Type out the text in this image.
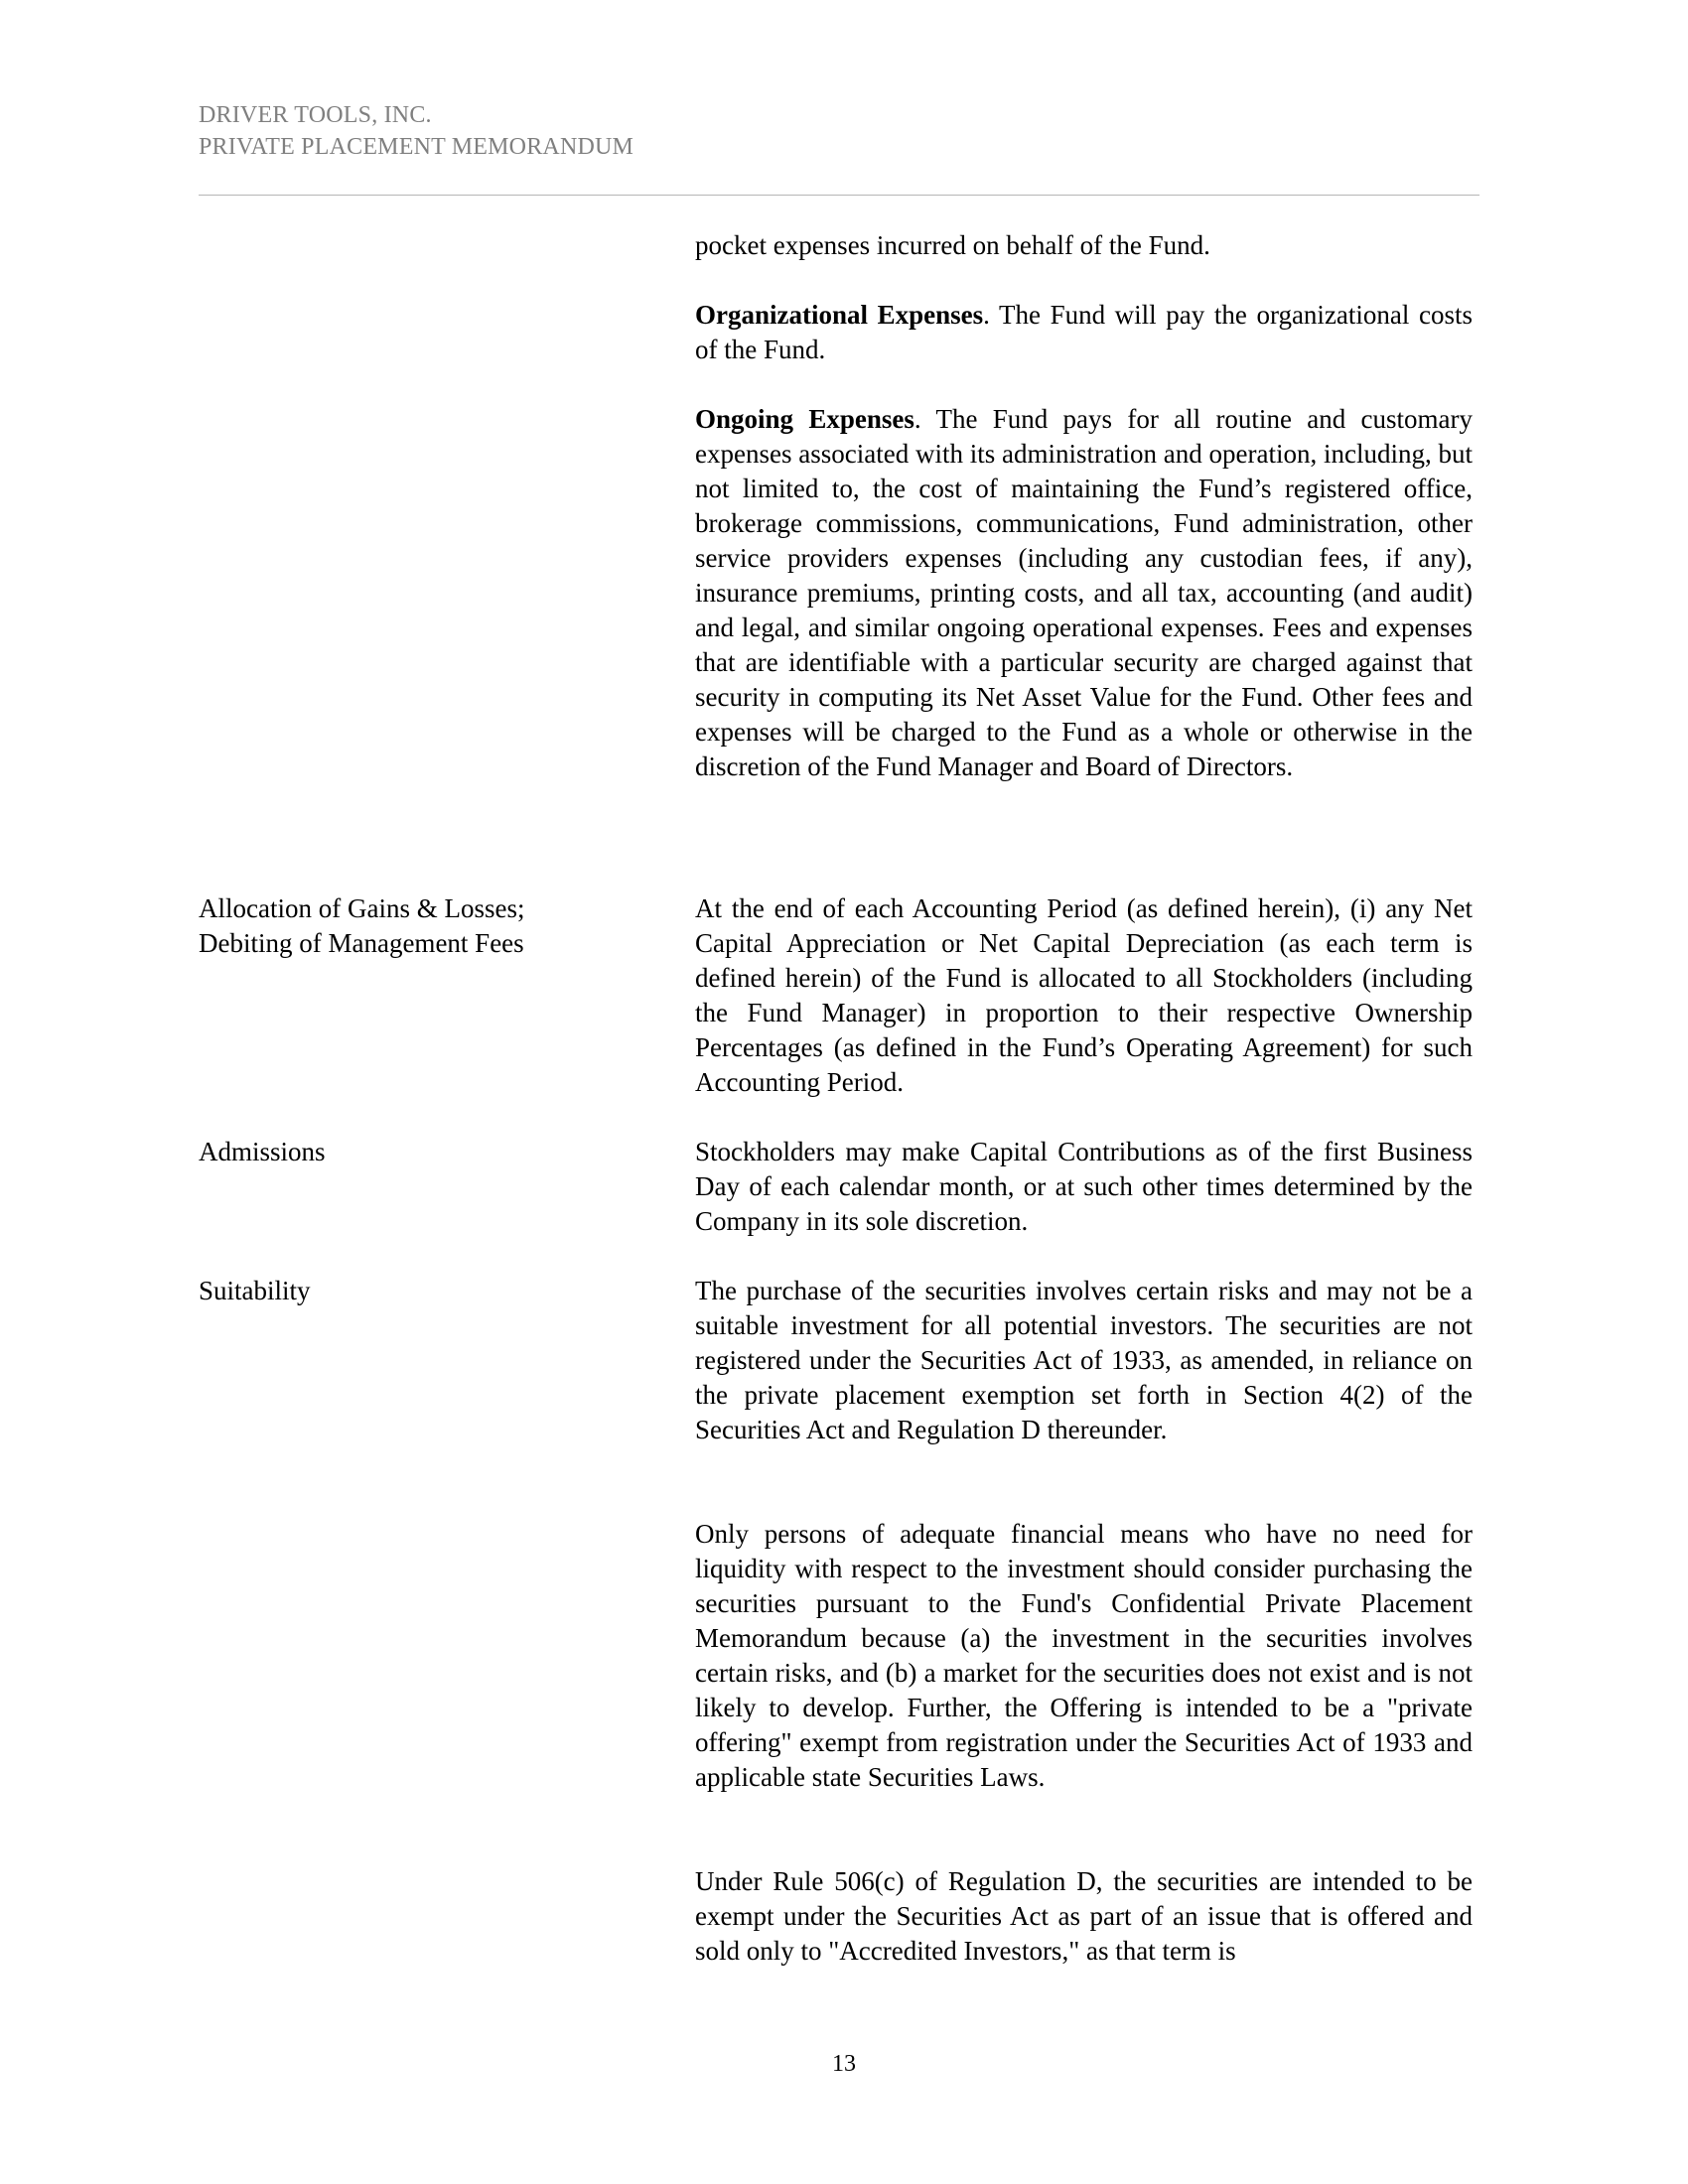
DRIVER TOOLS, INC.
PRIVATE PLACEMENT MEMORANDUM

pocket expenses incurred on behalf of the Fund.

Organizational Expenses. The Fund will pay the organizational costs of the Fund.

Ongoing Expenses. The Fund pays for all routine and customary expenses associated with its administration and operation, including, but not limited to, the cost of maintaining the Fund’s registered office, brokerage commissions, communications, Fund administration, other service providers expenses (including any custodian fees, if any), insurance premiums, printing costs, and all tax, accounting (and audit) and legal, and similar ongoing operational expenses. Fees and expenses that are identifiable with a particular security are charged against that security in computing its Net Asset Value for the Fund. Other fees and expenses will be charged to the Fund as a whole or otherwise in the discretion of the Fund Manager and Board of Directors.

Allocation of Gains & Losses;
Debiting of Management Fees

At the end of each Accounting Period (as defined herein), (i) any Net Capital Appreciation or Net Capital Depreciation (as each term is defined herein) of the Fund is allocated to all Stockholders (including the Fund Manager) in proportion to their respective Ownership Percentages (as defined in the Fund’s Operating Agreement) for such Accounting Period.

Admissions	Stockholders may make Capital Contributions as of the first Business Day of each calendar month, or at such other times determined by the Company in its sole discretion.

Suitability	The purchase of the securities involves certain risks and may not be a suitable investment for all potential investors. The securities are not registered under the Securities Act of 1933, as amended, in reliance on the private placement exemption set forth in Section 4(2) of the Securities Act and Regulation D thereunder.

Only persons of adequate financial means who have no need for liquidity with respect to the investment should consider purchasing the securities pursuant to the Fund's Confidential Private Placement Memorandum because (a) the investment in the securities involves certain risks, and (b) a market for the securities does not exist and is not likely to develop. Further, the Offering is intended to be a "private offering" exempt from registration under the Securities Act of 1933 and applicable state Securities Laws.

Under Rule 506(c) of Regulation D, the securities are intended to be exempt under the Securities Act as part of an issue that is offered and sold only to "Accredited Investors," as that term is

13
